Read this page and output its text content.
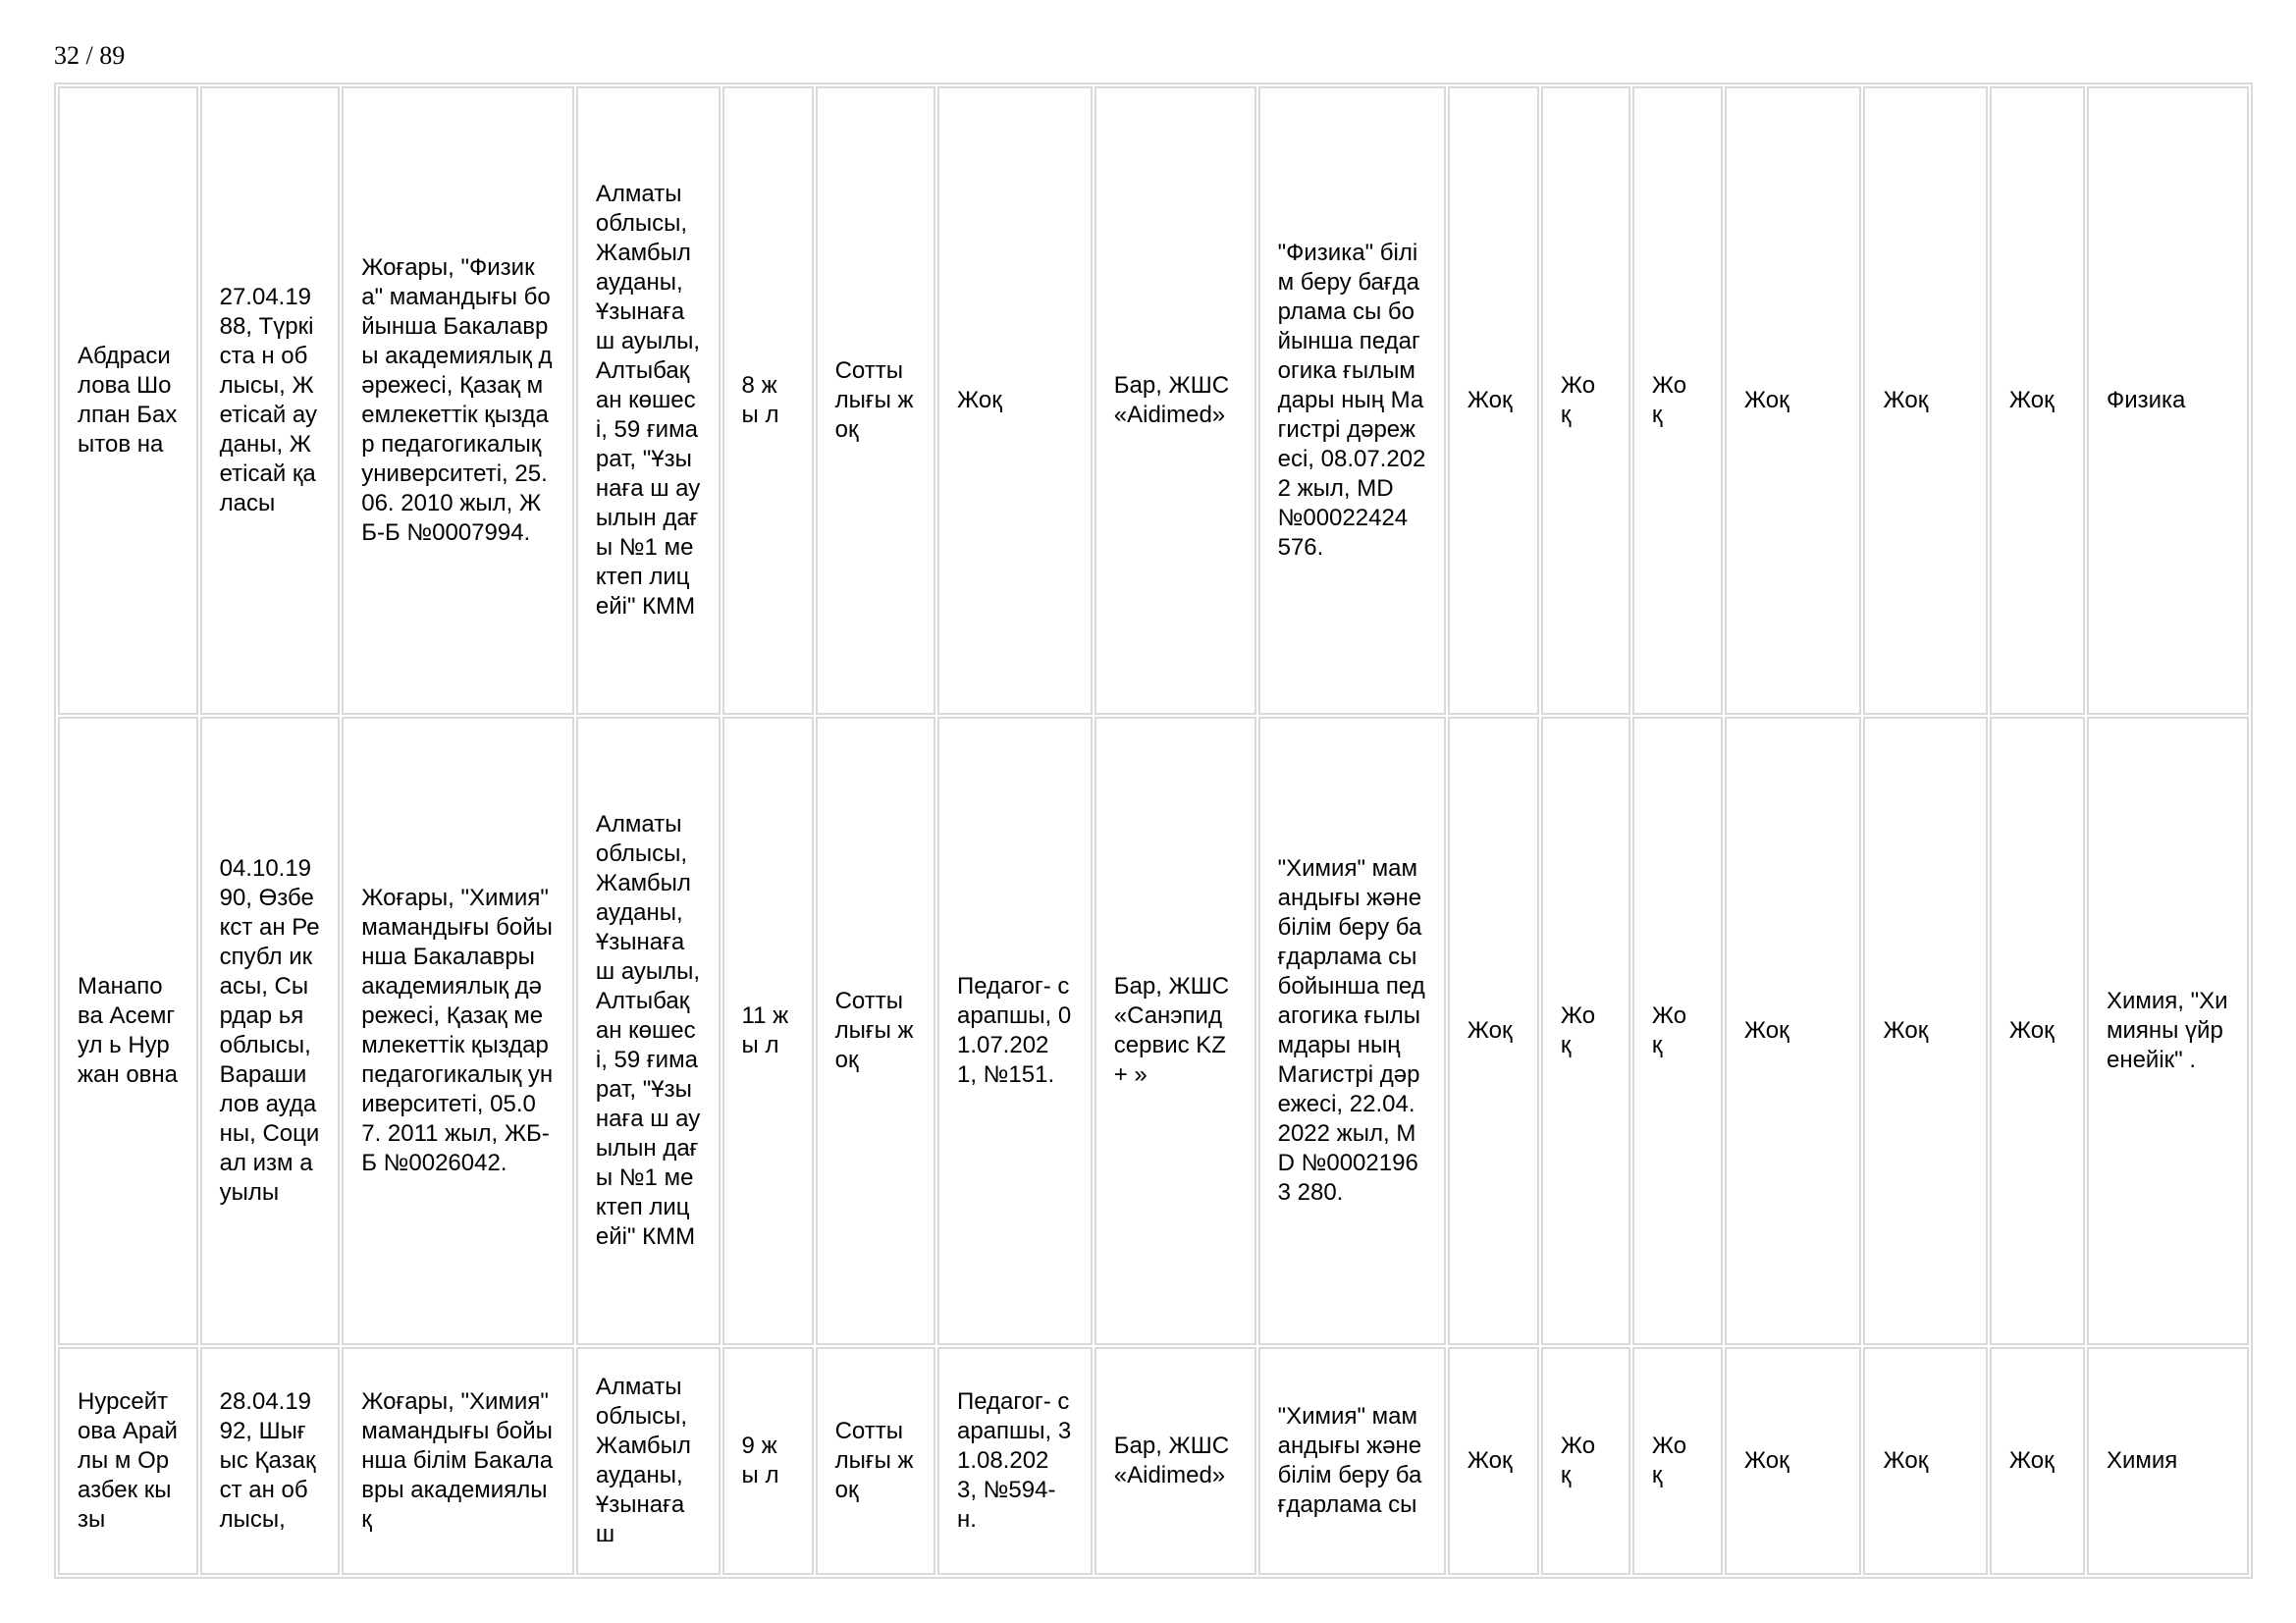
32 / 89
Абдраси лова Шолпан Бахытов на	27.04.19 88, Түркіста н облысы, Жетісай ауданы, Жетісай қаласы	Жоғары, "Физика" мамандығы бойынша Бакалавры академиялық дәрежесі, Қазақ мемлекеттік қыздар педагогикалық университеті, 25.06. 2010 жыл, ЖБ-Б №0007994.	Алматы облысы, Жамбыл ауданы, Ұзынаға ш ауылы, Алтыбақ ан көшесі, 59 ғимарат, "Ұзынаға ш ауылын дағы №1 мектеп лицейі" КММ	8 жы л	Сотты лығы жоқ	Жоқ	Бар, ЖШС «Aidimed»	"Физика" білім беру бағдарлама сы бойынша педагогика ғылымдары ның Магистрі дәрежесі, 08.07.2022 жыл, MD №00022424 576.	Жоқ	Жо қ	Жо қ	Жоқ	Жоқ	Жоқ	Физика
Манапо ва Асемгул ь Нуржан овна	04.10.19 90, Өзбекст ан Республ икасы, Сырдар ья облысы, Вараши лов ауданы, Социал изм ауылы	Жоғары, "Химия" мамандығы бойынша Бакалавры академиялық дәрежесі, Қазақ мемлекеттік қыздар педагогикалық университеті, 05.07. 2011 жыл, ЖБ-Б №0026042.	Алматы облысы, Жамбыл ауданы, Ұзынаға ш ауылы, Алтыбақ ан көшесі, 59 ғимарат, "Ұзынаға ш ауылын дағы №1 мектеп лицейі" КММ	11 жы л	Сотты лығы жоқ	Педагог- сарапшы, 01.07.202 1, №151.	Бар, ЖШС «Санэпид сервис KZ+ »	"Химия" мамандығы және білім беру бағдарлама сы бойынша педагогика ғылымдары ның Магистрі дәрежесі, 22.04.2022 жыл, MD №00021963 280.	Жоқ	Жо қ	Жо қ	Жоқ	Жоқ	Жоқ	Химия, "Химияны үйренейік" .
Нурсейт ова Арайлы м Оразбек кызы	28.04.19 92, Шығыс Қазақст ан облысы,	Жоғары, "Химия" мамандығы бойынша білім Бакалавры академиялық	Алматы облысы, Жамбыл ауданы, Ұзынаға ш	9 жы л	Сотты лығы жоқ	Педагог- сарапшы, 31.08.202 3, №594- н.	Бар, ЖШС «Aidimed»	"Химия" мамандығы және білім беру бағдарлама сы	Жоқ	Жо қ	Жо қ	Жоқ	Жоқ	Жоқ	Химия
